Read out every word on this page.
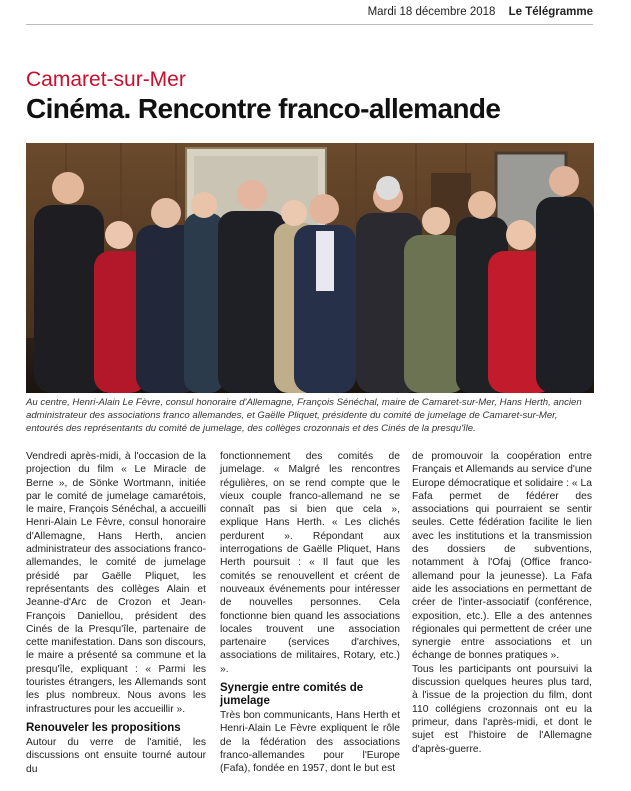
Mardi 18 décembre 2018 Le Télégramme
Camaret-sur-Mer
Cinéma. Rencontre franco-allemande
Au centre, Henri-Alain Le Fèvre, consul honoraire d'Allemagne, François Sénéchal, maire de Camaret-sur-Mer, Hans Herth, ancien administrateur des associations franco allemandes, et Gaëlle Pliquet, présidente du comité de jumelage de Camaret-sur-Mer, entourés des représentants du comité de jumelage, des collèges crozonnais et des Cinés de la presqu'île.

Vendredi après-midi, à l'occasion de la projection du film « Le Miracle de Berne », de Sönke Wortmann, initiée par le comité de jumelage camarétois, le maire, François Sénéchal, a accueilli Henri-Alain Le Fèvre, consul honoraire d'Allemagne, Hans Herth, ancien administrateur des associations franco-allemandes, le comité de jumelage présidé par Gaëlle Pliquet, les représentants des collèges Alain et Jeanne-d'Arc de Crozon et Jean-François Daniellou, président des Cinés de la Presqu'île, partenaire de cette manifestation. Dans son discours, le maire a présenté sa commune et la presqu'île, expliquant : « Parmi les touristes étrangers, les Allemands sont les plus nombreux. Nous avons les infrastructures pour les accueillir ».

Renouveler les propositions

Autour du verre de l'amitié, les discussions ont ensuite tourné autour du

fonctionnement des comités de jumelage. « Malgré les rencontres régulières, on se rend compte que le vieux couple franco-allemand ne se connaît pas si bien que cela », explique Hans Herth. « Les clichés perdurent ». Répondant aux interrogations de Gaëlle Pliquet, Hans Herth poursuit : « Il faut que les comités se renouvellent et créent de nouveaux événements pour intéresser de nouvelles personnes. Cela fonctionne bien quand les associations locales trouvent une association partenaire (services d'archives, associations de militaires, Rotary, etc.) ».

Synergie entre comités de jumelage

Très bon communicants, Hans Herth et Henri-Alain Le Fèvre expliquent le rôle de la fédération des associations franco-allemandes pour l'Europe (Fafa), fondée en 1957, dont le but est

de promouvoir la coopération entre Français et Allemands au service d'une Europe démocratique et solidaire : « La Fafa permet de fédérer des associations qui pourraient se sentir seules. Cette fédération facilite le lien avec les institutions et la transmission des dossiers de subventions, notamment à l'Ofaj (Office franco-allemand pour la jeunesse). La Fafa aide les associations en permettant de créer de l'inter-associatif (conférence, exposition, etc.). Elle a des antennes régionales qui permettent de créer une synergie entre associations et un échange de bonnes pratiques ».

Tous les participants ont poursuivi la discussion quelques heures plus tard, à l'issue de la projection du film, dont 110 collégiens crozonnais ont eu la primeur, dans l'après-midi, et dont le sujet est l'histoire de l'Allemagne d'après-guerre.
